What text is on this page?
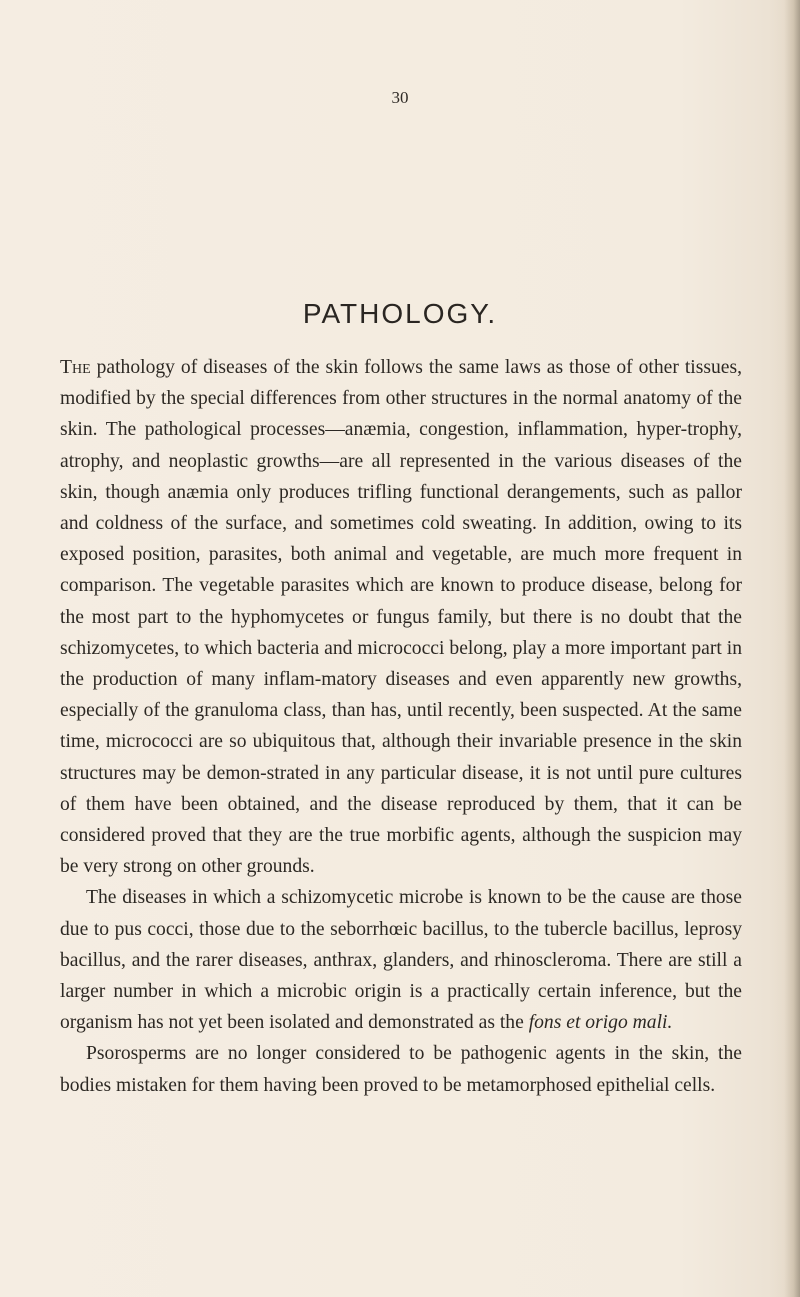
30
PATHOLOGY.

The pathology of diseases of the skin follows the same laws as those of other tissues, modified by the special differences from other structures in the normal anatomy of the skin. The pathological processes—anæmia, congestion, inflammation, hyper-trophy, atrophy, and neoplastic growths—are all represented in the various diseases of the skin, though anæmia only produces trifling functional derangements, such as pallor and coldness of the surface, and sometimes cold sweating. In addition, owing to its exposed position, parasites, both animal and vegetable, are much more frequent in comparison. The vegetable parasites which are known to produce disease, belong for the most part to the hyphomycetes or fungus family, but there is no doubt that the schizomycetes, to which bacteria and micrococci belong, play a more important part in the production of many inflam-matory diseases and even apparently new growths, especially of the granuloma class, than has, until recently, been suspected. At the same time, micrococci are so ubiquitous that, although their invariable presence in the skin structures may be demon-strated in any particular disease, it is not until pure cultures of them have been obtained, and the disease reproduced by them, that it can be considered proved that they are the true morbific agents, although the suspicion may be very strong on other grounds.

The diseases in which a schizomycetic microbe is known to be the cause are those due to pus cocci, those due to the seborrhœic bacillus, to the tubercle bacillus, leprosy bacillus, and the rarer diseases, anthrax, glanders, and rhinoscleroma. There are still a larger number in which a microbic origin is a practically certain inference, but the organism has not yet been isolated and demonstrated as the fons et origo mali.

Psorosperms are no longer considered to be pathogenic agents in the skin, the bodies mistaken for them having been proved to be metamorphosed epithelial cells.
